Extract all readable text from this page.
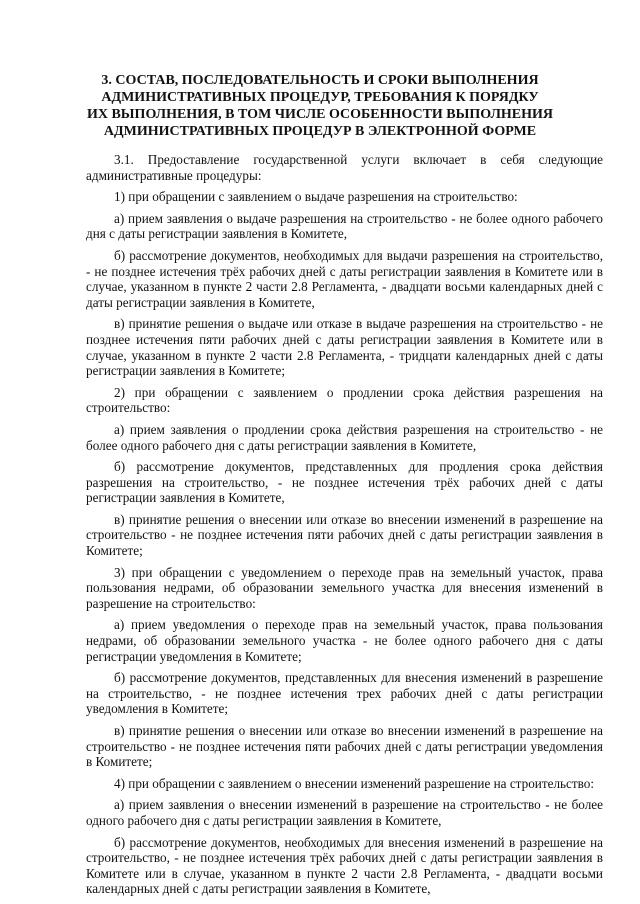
3. СОСТАВ, ПОСЛЕДОВАТЕЛЬНОСТЬ И СРОКИ ВЫПОЛНЕНИЯ
АДМИНИСТРАТИВНЫХ ПРОЦЕДУР, ТРЕБОВАНИЯ К ПОРЯДКУ
ИХ ВЫПОЛНЕНИЯ, В ТОМ ЧИСЛЕ ОСОБЕННОСТИ ВЫПОЛНЕНИЯ
АДМИНИСТРАТИВНЫХ ПРОЦЕДУР В ЭЛЕКТРОННОЙ ФОРМЕ

3.1. Предоставление государственной услуги включает в себя следующие административные процедуры:

1) при обращении с заявлением о выдаче разрешения на строительство:

а) прием заявления о выдаче разрешения на строительство - не более одного рабочего дня с даты регистрации заявления в Комитете,

б) рассмотрение документов, необходимых для выдачи разрешения на строительство, - не позднее истечения трёх рабочих дней с даты регистрации заявления в Комитете или в случае, указанном в пункте 2 части 2.8 Регламента, - двадцати восьми календарных дней с даты регистрации заявления в Комитете,

в) принятие решения о выдаче или отказе в выдаче разрешения на строительство - не позднее истечения пяти рабочих дней с даты регистрации заявления в Комитете или в случае, указанном в пункте 2 части 2.8 Регламента, - тридцати календарных дней с даты регистрации заявления в Комитете;

2) при обращении с заявлением о продлении срока действия разрешения на строительство:

а) прием заявления о продлении срока действия разрешения на строительство - не более одного рабочего дня с даты регистрации заявления в Комитете,

б) рассмотрение документов, представленных для продления срока действия разрешения на строительство, - не позднее истечения трёх рабочих дней с даты регистрации заявления в Комитете,

в) принятие решения о внесении или отказе во внесении изменений в разрешение на строительство - не позднее истечения пяти рабочих дней с даты регистрации заявления в Комитете;

3) при обращении с уведомлением о переходе прав на земельный участок, права пользования недрами, об образовании земельного участка для внесения изменений в разрешение на строительство:

а) прием уведомления о переходе прав на земельный участок, права пользования недрами, об образовании земельного участка - не более одного рабочего дня с даты регистрации уведомления в Комитете;

б) рассмотрение документов, представленных для внесения изменений в разрешение на строительство, - не позднее истечения трех рабочих дней с даты регистрации уведомления в Комитете;

в) принятие решения о внесении или отказе во внесении изменений в разрешение на строительство - не позднее истечения пяти рабочих дней с даты регистрации уведомления в Комитете;

4) при обращении с заявлением о внесении изменений разрешение на строительство:

а) прием заявления о внесении изменений в разрешение на строительство - не более одного рабочего дня с даты регистрации заявления в Комитете,

б) рассмотрение документов, необходимых для внесения изменений в разрешение на строительство, - не позднее истечения трёх рабочих дней с даты регистрации заявления в Комитете или в случае, указанном в пункте 2 части 2.8 Регламента, - двадцати восьми календарных дней с даты регистрации заявления в Комитете,
